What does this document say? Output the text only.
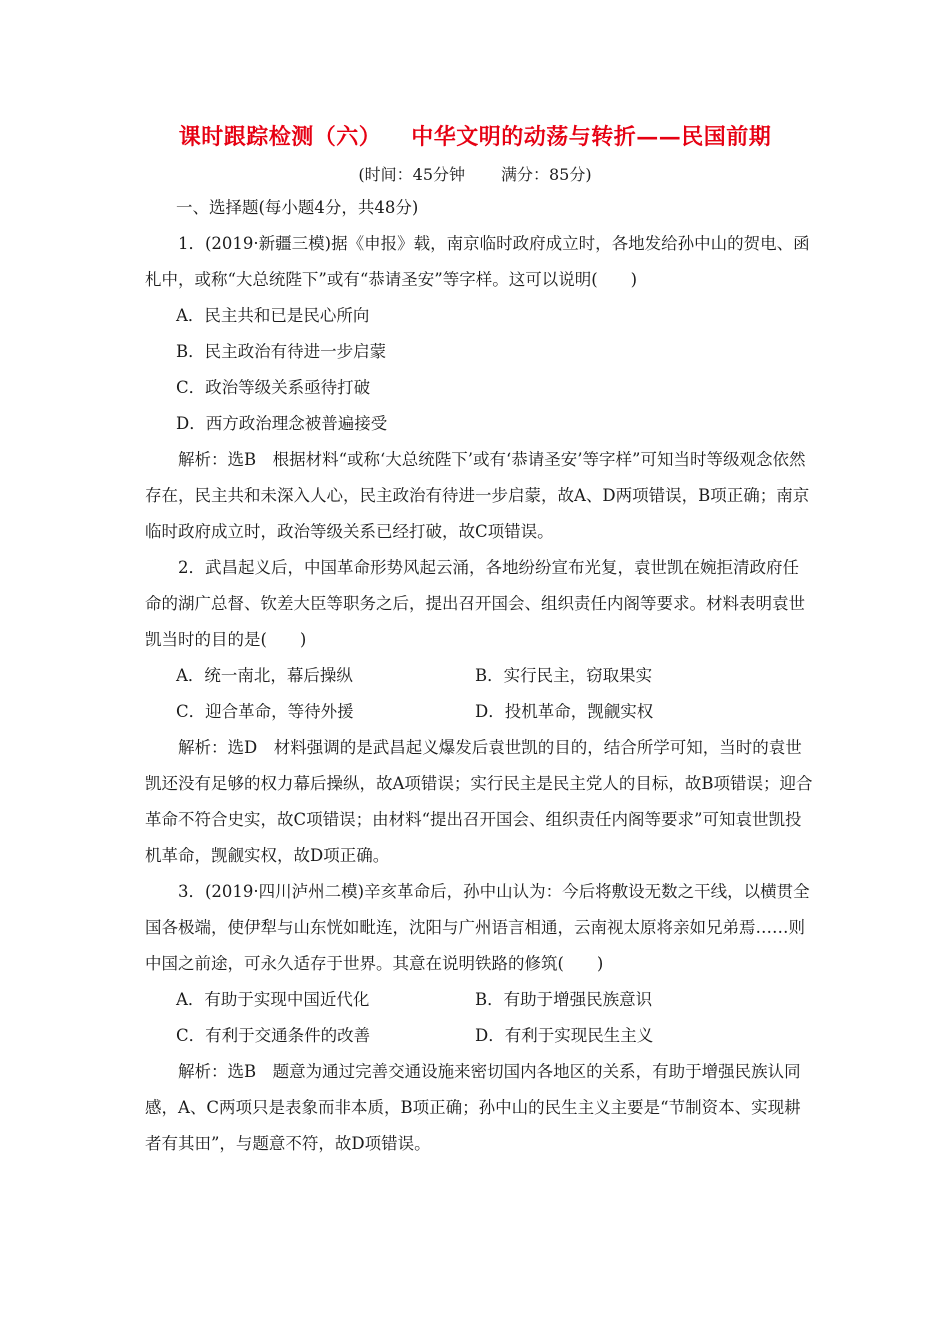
课时跟踪检测（六） 中华文明的动荡与转折——民国前期
(时间：45分钟 满分：85分)

一、选择题(每小题4分，共48分)

1．(2019·新疆三模)据《申报》载，南京临时政府成立时，各地发给孙中山的贺电、函札中，或称“大总统陛下”或有“恭请圣安”等字样。这可以说明(　　)

A．民主共和已是民心所向

B．民主政治有待进一步启蒙

C．政治等级关系亟待打破

D．西方政治理念被普遍接受

解析：选B　根据材料“或称‘大总统陛下’或有‘恭请圣安’等字样”可知当时等级观念依然存在，民主共和未深入人心，民主政治有待进一步启蒙，故A、D两项错误，B项正确；南京临时政府成立时，政治等级关系已经打破，故C项错误。

2．武昌起义后，中国革命形势风起云涌，各地纷纷宣布光复，袁世凯在婉拒清政府任命的湖广总督、钦差大臣等职务之后，提出召开国会、组织责任内阁等要求。材料表明袁世凯当时的目的是(　　)

A．统一南北，幕后操纵	B．实行民主，窃取果实
C．迎合革命，等待外援	D．投机革命，觊觎实权

解析：选D　材料强调的是武昌起义爆发后袁世凯的目的，结合所学可知，当时的袁世凯还没有足够的权力幕后操纵，故A项错误；实行民主是民主党人的目标，故B项错误；迎合革命不符合史实，故C项错误；由材料“提出召开国会、组织责任内阁等要求”可知袁世凯投机革命，觊觎实权，故D项正确。

3．(2019·四川泸州二模)辛亥革命后，孙中山认为：今后将敷设无数之干线，以横贯全国各极端，使伊犁与山东恍如毗连，沈阳与广州语言相通，云南视太原将亲如兄弟焉……则中国之前途，可永久适存于世界。其意在说明铁路的修筑(　　)

A．有助于实现中国近代化	B．有助于增强民族意识
C．有利于交通条件的改善	D．有利于实现民生主义

解析：选B　题意为通过完善交通设施来密切国内各地区的关系，有助于增强民族认同感，A、C两项只是表象而非本质，B项正确；孙中山的民生主义主要是“节制资本、实现耕者有其田”，与题意不符，故D项错误。
